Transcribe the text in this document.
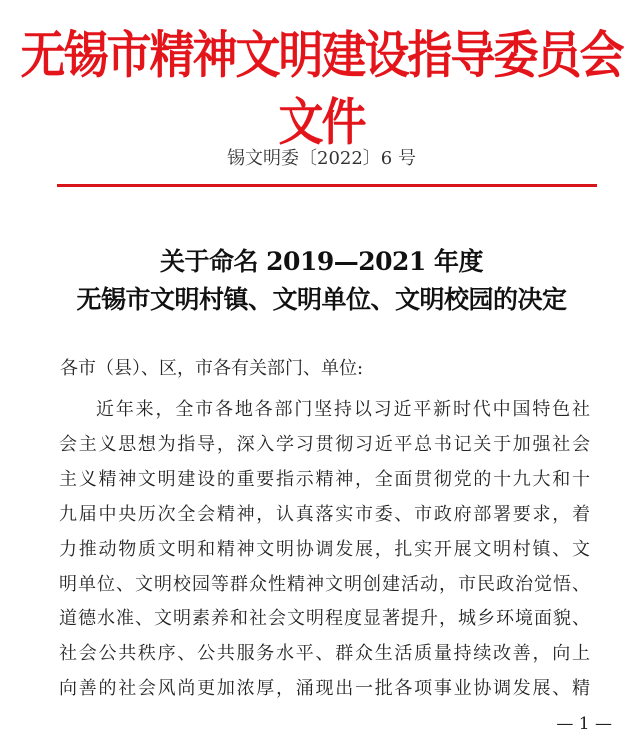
无锡市精神文明建设指导委员会文件
锡文明委〔2022〕6 号
关于命名 2019—2021 年度
无锡市文明村镇、文明单位、文明校园的决定
各市（县）、区，市各有关部门、单位:
近年来，全市各地各部门坚持以习近平新时代中国特色社
会主义思想为指导，深入学习贯彻习近平总书记关于加强社会
主义精神文明建设的重要指示精神，全面贯彻党的十九大和十
九届中央历次全会精神，认真落实市委、市政府部署要求，着
力推动物质文明和精神文明协调发展，扎实开展文明村镇、文
明单位、文明校园等群众性精神文明创建活动，市民政治觉悟、
道德水准、文明素养和社会文明程度显著提升，城乡环境面貌、
社会公共秩序、公共服务水平、群众生活质量持续改善，向上
向善的社会风尚更加浓厚，涌现出一批各项事业协调发展、精
— 1 —
